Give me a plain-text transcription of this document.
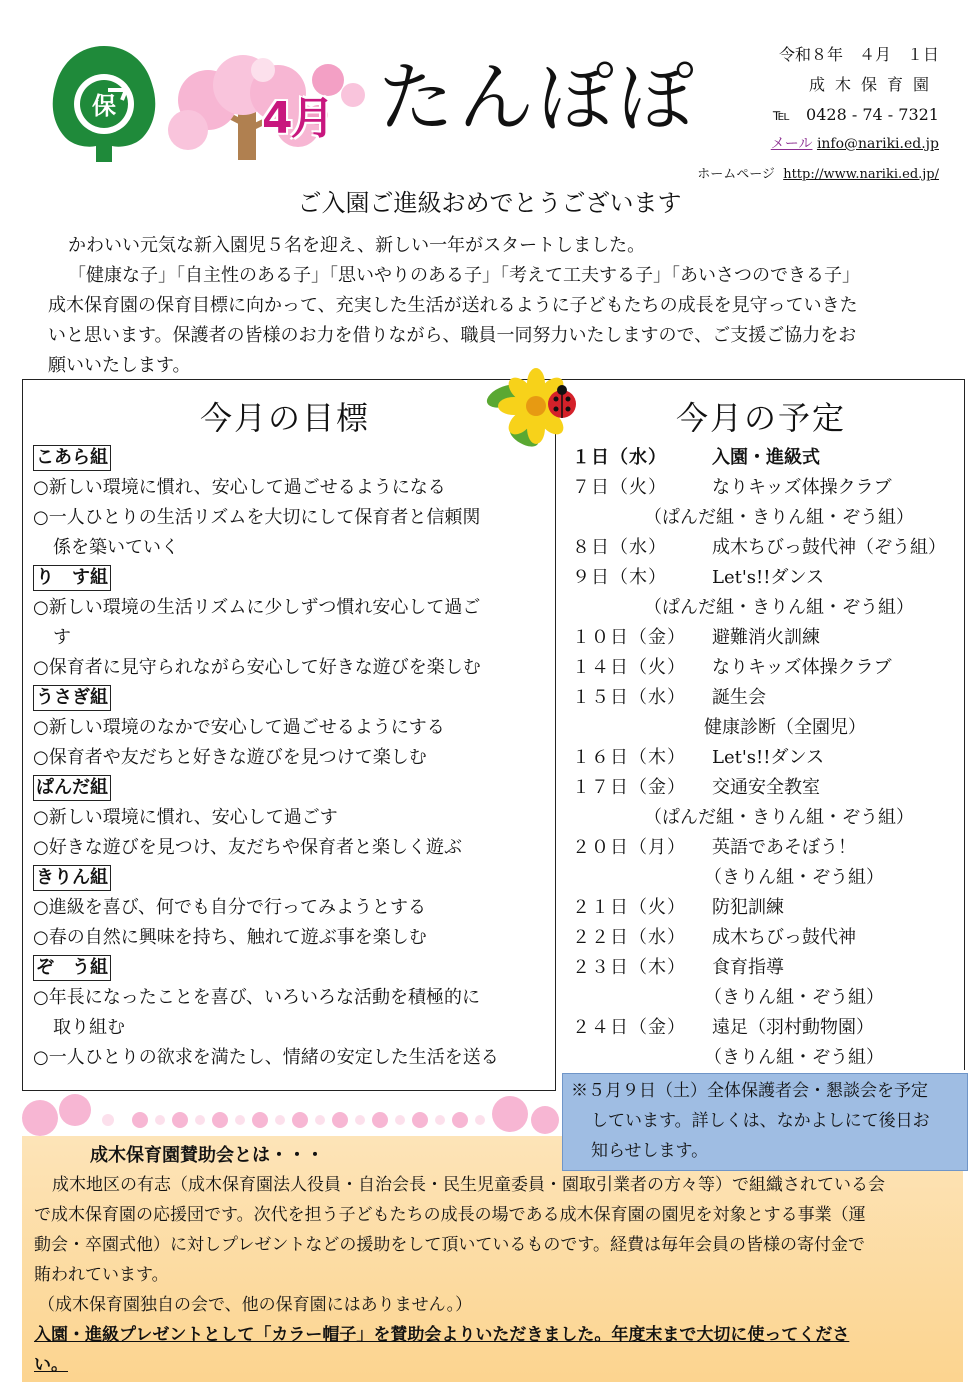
保	4月 たんぽぽ	令和８年　４月　１日
成木保育園
℡　0428 - 74 - 7321
メール info@nariki.ed.jp
ホームページ http://www.nariki.ed.jp/
ご入園ご進級おめでとうございます

かわいい元気な新入園児５名を迎え、新しい一年がスタートしました。

「健康な子」「自主性のある子」「思いやりのある子」「考えて工夫する子」「あいさつのできる子」

成木保育園の保育目標に向かって、充実した生活が送れるように子どもたちの成長を見守っていきた

いと思います。保護者の皆様のお力を借りながら、職員一同努力いたしますので、ご支援ご協力をお

願いいたします。

今月の目標	今月の予定
こあら組
○新しい環境に慣れ、安心して過ごせるようになる
○一人ひとりの生活リズムを大切にして保育者と信頼関
係を築いていく
り　す組
○新しい環境の生活リズムに少しずつ慣れ安心して過ご
す
○保育者に見守られながら安心して好きな遊びを楽しむ
うさぎ組
○新しい環境のなかで安心して過ごせるようにする
○保育者や友だちと好きな遊びを見つけて楽しむ
ぱんだ組
○新しい環境に慣れ、安心して過ごす
○好きな遊びを見つけ、友だちや保育者と楽しく遊ぶ
きりん組
○進級を喜び、何でも自分で行ってみようとする
○春の自然に興味を持ち、触れて遊ぶ事を楽しむ
ぞ　う組
○年長になったことを喜び、いろいろな活動を積極的に
取り組む
○一人ひとりの欲求を満たし、情緒の安定した生活を送る
１日（水）	入園・進級式
７日（火）	なりキッズ体操クラブ
（ぱんだ組・きりん組・ぞう組）
８日（水）	成木ちびっ鼓代神（ぞう組）
９日（木）	Let's!!ダンス
（ぱんだ組・きりん組・ぞう組）
１０日（金）	避難消火訓練
１４日（火）	なりキッズ体操クラブ
１５日（水）	誕生会
健康診断（全園児）
１６日（木）	Let's!!ダンス
１７日（金）	交通安全教室
（ぱんだ組・きりん組・ぞう組）
２０日（月）	英語であそぼう！
（きりん組・ぞう組）
２１日（火）	防犯訓練
２２日（水）	成木ちびっ鼓代神
２３日（木）	食育指導
（きりん組・ぞう組）
２４日（金）	遠足（羽村動物園）
（きりん組・ぞう組）
※５月９日（土）全体保護者会・懇談会を予定
しています。詳しくは、なかよしにて後日お
知らせします。
成木保育園賛助会とは・・・

成木地区の有志（成木保育園法人役員・自治会長・民生児童委員・園取引業者の方々等）で組織されている会

で成木保育園の応援団です。次代を担う子どもたちの成長の場である成木保育園の園児を対象とする事業（運

動会・卒園式他）に対しプレゼントなどの援助をして頂いているものです。経費は毎年会員の皆様の寄付金で

賄われています。

（成木保育園独自の会で、他の保育園にはありません。）

入園・進級プレゼントとして「カラー帽子」を賛助会よりいただきました。年度末まで大切に使ってくださ

い。
